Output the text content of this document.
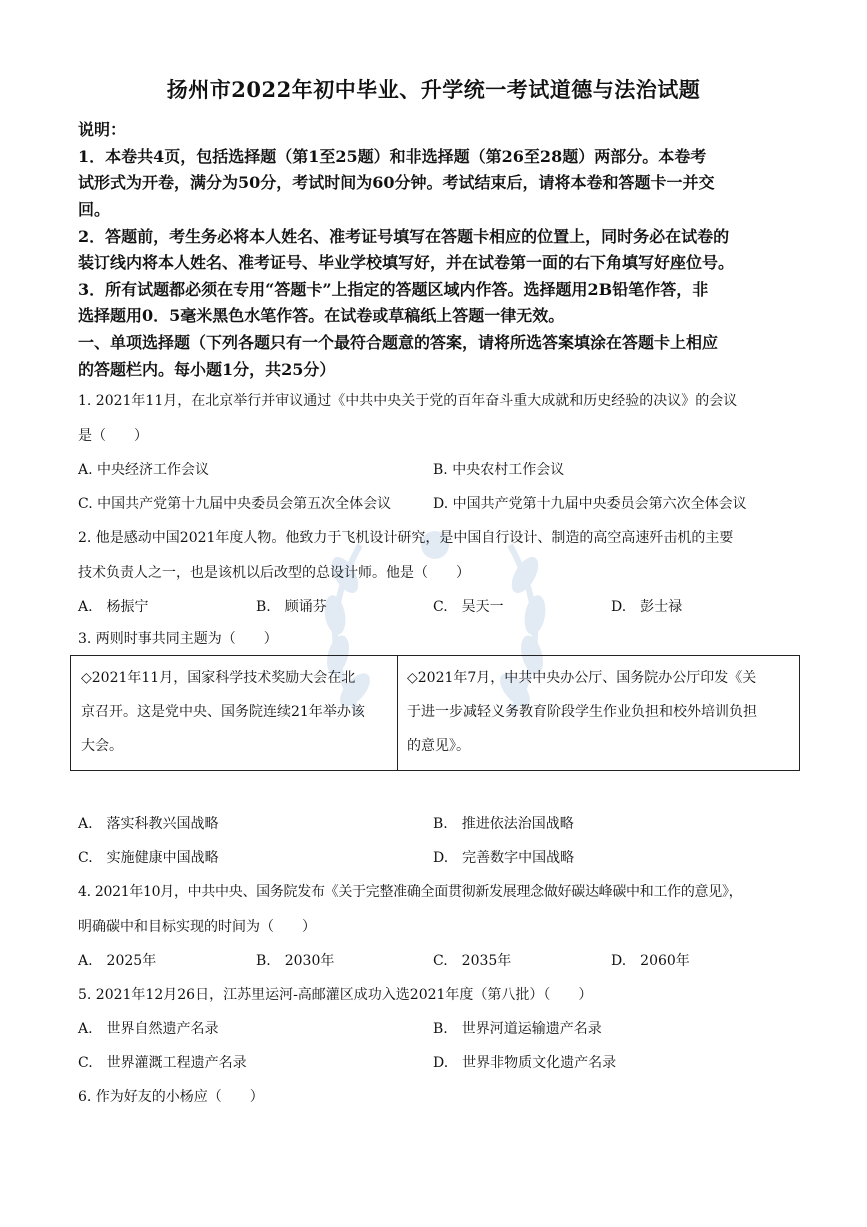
扬州市2022年初中毕业、升学统一考试道德与法治试题
说明：
1．本卷共4页，包括选择题（第1至25题）和非选择题（第26至28题）两部分。本卷考
试形式为开卷，满分为50分，考试时间为60分钟。考试结束后，请将本卷和答题卡一并交
回。
2．答题前，考生务必将本人姓名、准考证号填写在答题卡相应的位置上，同时务必在试卷的
装订线内将本人姓名、准考证号、毕业学校填写好，并在试卷第一面的右下角填写好座位号。
3．所有试题都必须在专用“答题卡”上指定的答题区域内作答。选择题用2B铅笔作答，非
选择题用0．5毫米黑色水笔作答。在试卷或草稿纸上答题一律无效。
一、单项选择题（下列各题只有一个最符合题意的答案，请将所选答案填涂在答题卡上相应
的答题栏内。每小题1分，共25分）
1. 2021年11月，在北京举行并审议通过《中共中央关于党的百年奋斗重大成就和历史经验的决议》的会议
是（　　）
A. 中央经济工作会议	B. 中央农村工作会议
C. 中国共产党第十九届中央委员会第五次全体会议	D. 中国共产党第十九届中央委员会第六次全体会议
2. 他是感动中国2021年度人物。他致力于飞机设计研究，是中国自行设计、制造的高空高速歼击机的主要
技术负责人之一，也是该机以后改型的总设计师。他是（　　）
A.　杨振宁	B.　顾诵芬	C.　吴天一	D.　彭士禄
3. 两则时事共同主题为（　　）
◇2021年11月，国家科学技术奖励大会在北
京召开。这是党中央、国务院连续21年举办该
大会。
◇2021年7月，中共中央办公厅、国务院办公厅印发《关
于进一步减轻义务教育阶段学生作业负担和校外培训负担
的意见》。
A.　落实科教兴国战略	B.　推进依法治国战略
C.　实施健康中国战略	D.　完善数字中国战略
4. 2021年10月，中共中央、国务院发布《关于完整准确全面贯彻新发展理念做好碳达峰碳中和工作的意见》，
明确碳中和目标实现的时间为（　　）
A.　2025年	B.　2030年	C.　2035年	D.　2060年
5. 2021年12月26日，江苏里运河-高邮灌区成功入选2021年度（第八批）（　　）
A.　世界自然遗产名录	B.　世界河道运输遗产名录
C.　世界灌溉工程遗产名录	D.　世界非物质文化遗产名录
6. 作为好友的小杨应（　　）
